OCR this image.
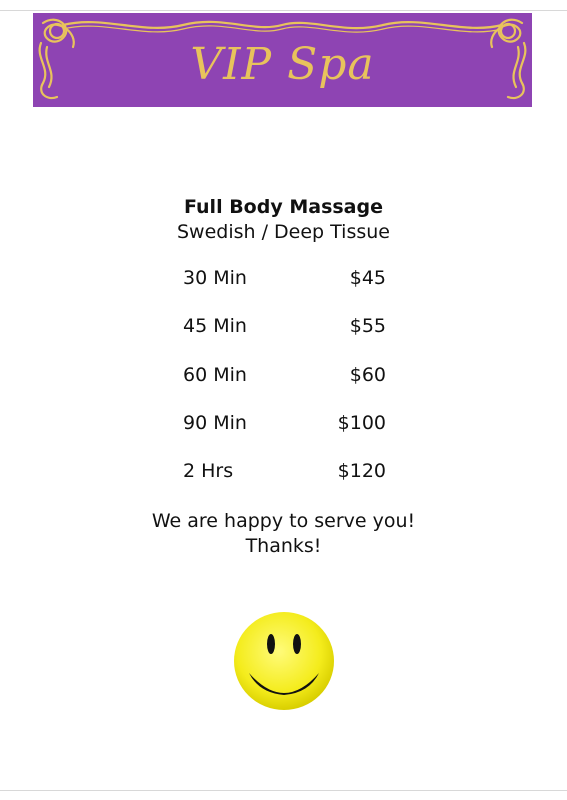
VIP Spa
Full Body Massage
Swedish / Deep Tissue
30 Min	$45
45 Min	$55
60 Min	$60
90 Min	$100
2 Hrs	$120
We are happy to serve you!
Thanks!
